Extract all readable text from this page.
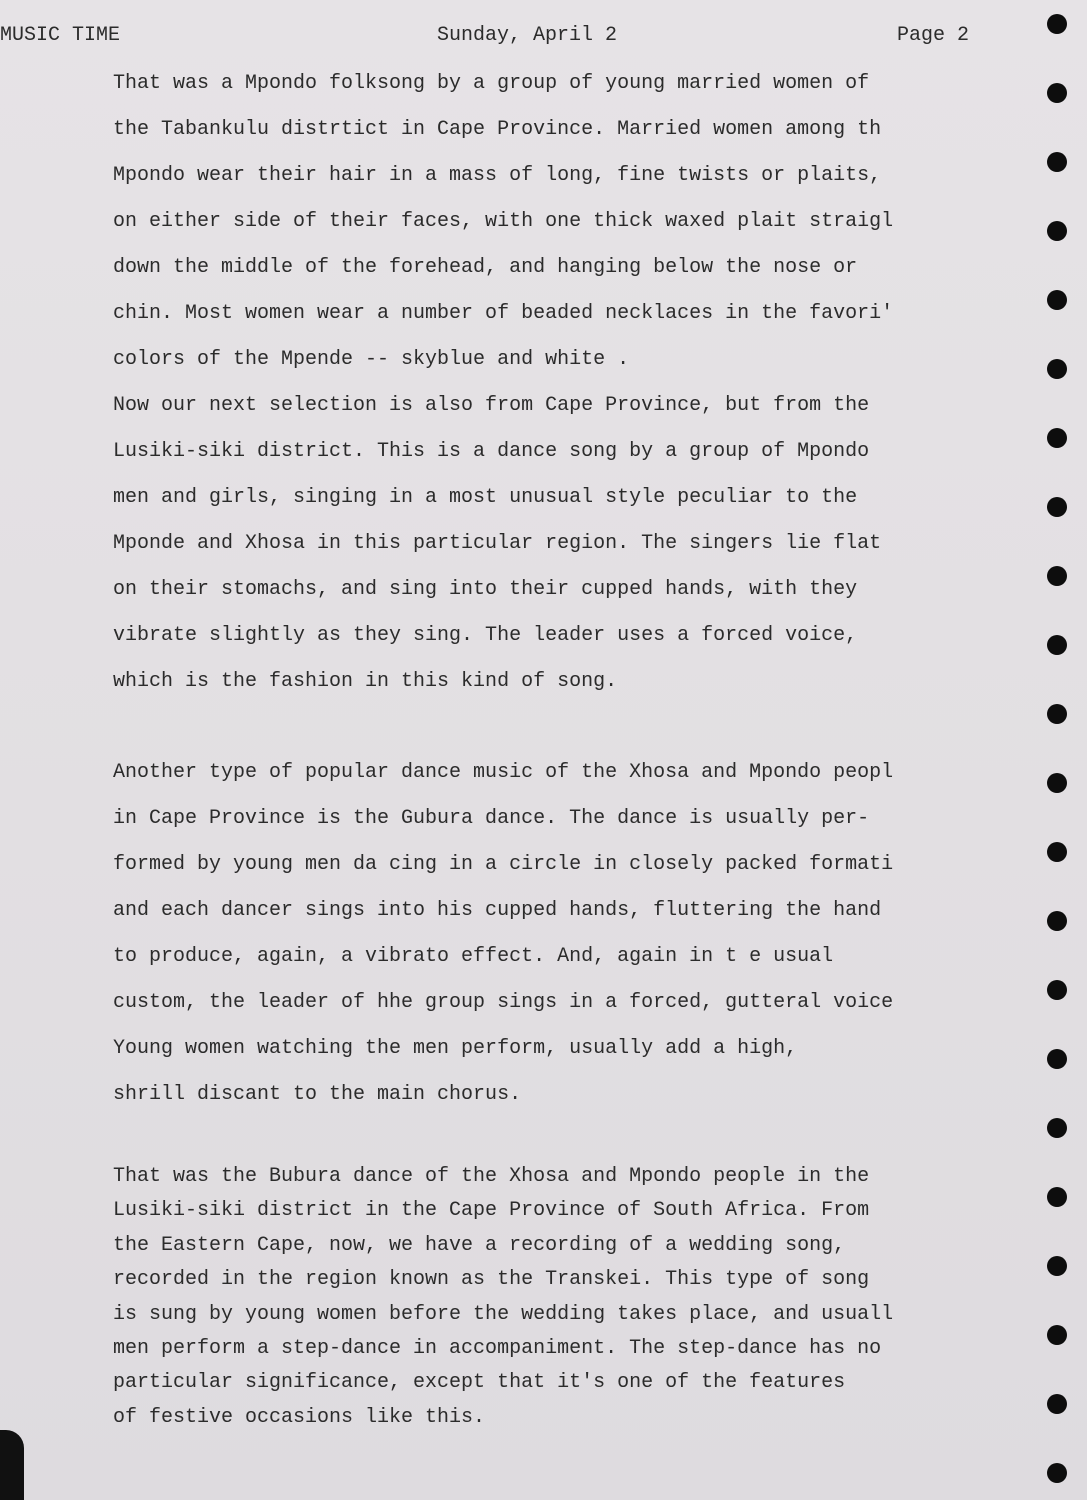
MUSIC TIME	Sunday, April 2	Page 2
That was a Mpondo folksong by a group of young married women of
the Tabankulu distrtict in Cape Province. Married women among th
Mpondo wear their hair in a mass of long, fine twists or plaits,
on either side of their faces, with one thick waxed plait straigl
down the middle of the forehead, and hanging below the nose or
chin. Most women wear a number of beaded necklaces in the favori'
colors of the Mpende -- skyblue and white .
Now our next selection is also from Cape Province, but from the
Lusiki-siki district. This is a dance song by a group of Mpondo
men and girls, singing in a most unusual style peculiar to the
Mponde and Xhosa in this particular region. The singers lie flat
on their stomachs, and sing into their cupped hands, with they
vibrate slightly as they sing. The leader uses a forced voice,
which is the fashion in this kind of song.
Another type of popular dance music of the Xhosa and Mpondo peopl
in Cape Province is the Gubura dance. The dance is usually per-
formed by young men da cing in a circle in closely packed formati
and each dancer sings into his cupped hands, fluttering the hand
to produce, again, a vibrato effect. And, again in t e usual
custom, the leader of hhe group sings in a forced, gutteral voice
Young women watching the men perform, usually add a high,
shrill discant to the main chorus.
That was the Bubura dance of the Xhosa and Mpondo people in the
Lusiki-siki district in the Cape Province of South Africa. From
the Eastern Cape, now, we have a recording of a wedding song,
recorded in the region known as the Transkei. This type of song
is sung by young women before the wedding takes place, and usuall
men perform a step-dance in accompaniment. The step-dance has no
particular significance, except that it's one of the features
of festive occasions like this.
